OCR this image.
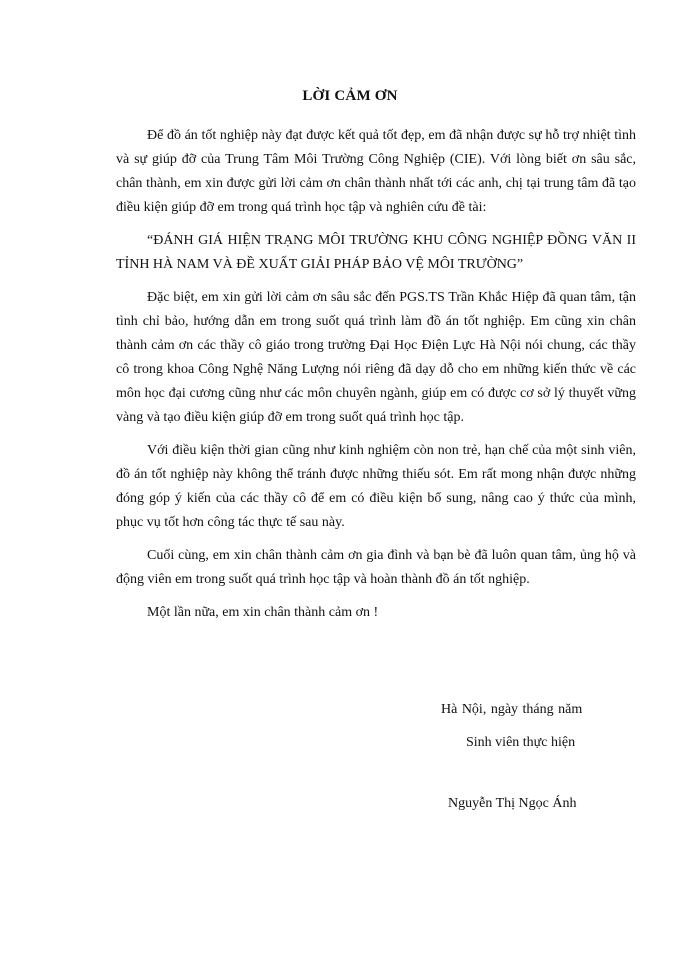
LỜI CẢM ƠN

Để đồ án tốt nghiệp này đạt được kết quả tốt đẹp, em đã nhận được sự hỗ trợ nhiệt tình và sự giúp đỡ của Trung Tâm Môi Trường Công Nghiệp (CIE). Với lòng biết ơn sâu sắc, chân thành, em xin được gửi lời cảm ơn chân thành nhất tới các anh, chị tại trung tâm đã tạo điều kiện giúp đỡ em trong quá trình học tập và nghiên cứu đề tài:

“ĐÁNH GIÁ HIỆN TRẠNG MÔI TRƯỜNG KHU CÔNG NGHIỆP ĐỒNG VĂN II TỈNH HÀ NAM VÀ ĐỀ XUẤT GIẢI PHÁP BẢO VỆ MÔI TRƯỜNG”

Đặc biệt, em xin gửi lời cảm ơn sâu sắc đến PGS.TS Trần Khắc Hiệp đã quan tâm, tận tình chỉ bảo, hướng dẫn em trong suốt quá trình làm đồ án tốt nghiệp. Em cũng xin chân thành cảm ơn các thầy cô giáo trong trường Đại Học Điện Lực Hà Nội nói chung, các thầy cô trong khoa Công Nghệ Năng Lượng nói riêng đã dạy dỗ cho em những kiến thức về các môn học đại cương cũng như các môn chuyên ngành, giúp em có được cơ sở lý thuyết vững vàng và tạo điều kiện giúp đỡ em trong suốt quá trình học tập.

Với điều kiện thời gian cũng như kinh nghiệm còn non trẻ, hạn chế của một sinh viên, đồ án tốt nghiệp này không thể tránh được những thiếu sót. Em rất mong nhận được những đóng góp ý kiến của các thầy cô để em có điều kiện bổ sung, nâng cao ý thức của mình, phục vụ tốt hơn công tác thực tế sau này.

Cuối cùng, em xin chân thành cảm ơn gia đình và bạn bè đã luôn quan tâm, ủng hộ và động viên em trong suốt quá trình học tập và hoàn thành đồ án tốt nghiệp.

Một lần nữa, em xin chân thành cảm ơn !

Hà Nội, ngày tháng năm
Sinh viên thực hiện
Nguyễn Thị Ngọc Ánh
